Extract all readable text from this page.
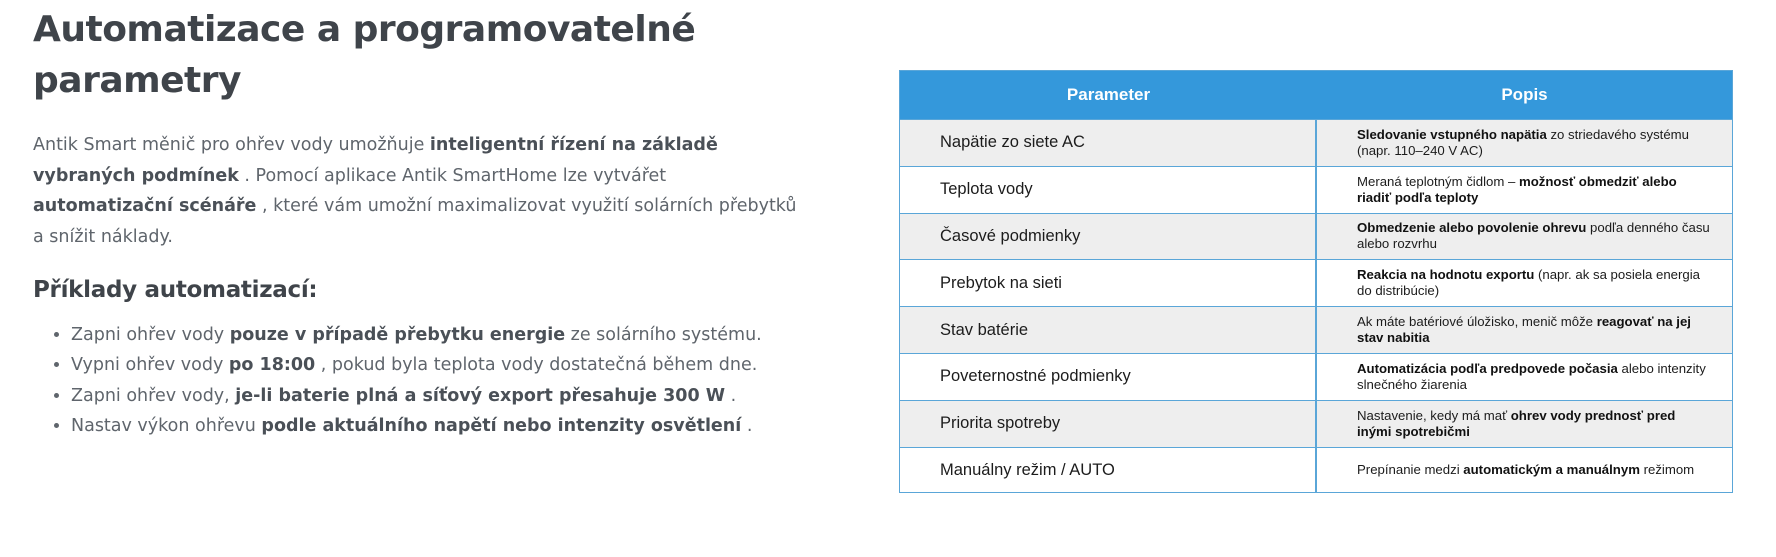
Automatizace a programovatelné parametry

Antik Smart měnič pro ohřev vody umožňuje inteligentní řízení na základě vybraných podmínek . Pomocí aplikace Antik SmartHome lze vytvářet automatizační scénáře , které vám umožní maximalizovat využití solárních přebytků a snížit náklady.

Příklady automatizací:
• Zapni ohřev vody pouze v případě přebytku energie ze solárního systému.
• Vypni ohřev vody po 18:00 , pokud byla teplota vody dostatečná během dne.
• Zapni ohřev vody, je-li baterie plná a síťový export přesahuje 300 W .
• Nastav výkon ohřevu podle aktuálního napětí nebo intenzity osvětlení .
Parameter	Popis
Napätie zo siete AC	Sledovanie vstupného napätia zo striedavého systému (napr. 110–240 V AC)
Teplota vody	Meraná teplotným čidlom – možnosť obmedziť alebo riadiť podľa teploty
Časové podmienky	Obmedzenie alebo povolenie ohrevu podľa denného času alebo rozvrhu
Prebytok na sieti	Reakcia na hodnotu exportu (napr. ak sa posiela energia do distribúcie)
Stav batérie	Ak máte batériové úložisko, menič môže reagovať na jej stav nabitia
Poveternostné podmienky	Automatizácia podľa predpovede počasia alebo intenzity slnečného žiarenia
Priorita spotreby	Nastavenie, kedy má mať ohrev vody prednosť pred inými spotrebičmi
Manuálny režim / AUTO	Prepínanie medzi automatickým a manuálnym režimom
